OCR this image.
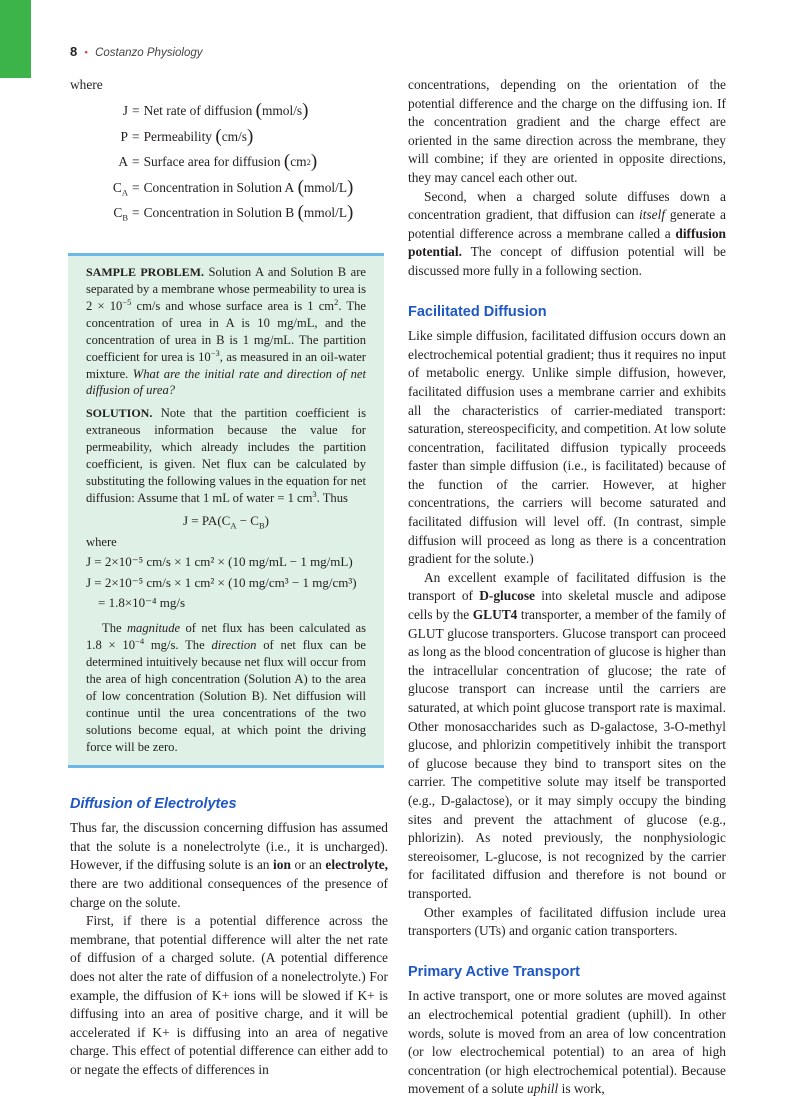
8 • Costanzo Physiology

where

J = Net rate of diffusion
( mmol/s )
P = Permeability
( cm/s )
A = Surface area for diffusion
( cm 2 )
$C_A$ = Concentration in Solution A
( mmol/L )
$C_B$ = Concentration in Solution B
( mmol/L )

SAMPLE PROBLEM. Solution A and Solution B are separated by a membrane whose permeability to urea is $2 \times 10^{-5}$ cm/s and whose surface area is 1 $cm^2$. The concentration of urea in A is 10 mg/mL, and the concentration of urea in B is 1 mg/mL. The partition coefficient for urea is $10^{-3}$, as measured in an oil-water mixture. What are the initial rate and direction of net diffusion of urea?

SOLUTION. Note that the partition coefficient is extraneous information because the value for permeability, which already includes the partition coefficient, is given. Net flux can be calculated by substituting the following values in the equation for net diffusion: Assume that 1 mL of water = 1 $cm^3$. Thus

$J = PA(C_A - C_B)$

where

J = 2×10⁻⁵ cm/s × 1 cm² × (10 mg/mL − 1 mg/mL)
J = 2×10⁻⁵ cm/s × 1 cm² × (10 mg/cm³ − 1 mg/cm³)
= 1.8×10⁻⁴ mg/s

The magnitude of net flux has been calculated as $1.8 \times 10^{-4}$ mg/s. The direction of net flux can be determined intuitively because net flux will occur from the area of high concentration (Solution A) to the area of low concentration (Solution B). Net diffusion will continue until the urea concentrations of the two solutions become equal, at which point the driving force will be zero.

Diffusion of Electrolytes

Thus far, the discussion concerning diffusion has assumed that the solute is a nonelectrolyte (i.e., it is uncharged). However, if the diffusing solute is an ion or an electrolyte, there are two additional consequences of the presence of charge on the solute.

First, if there is a potential difference across the membrane, that potential difference will alter the net rate of diffusion of a charged solute. (A potential difference does not alter the rate of diffusion of a nonelectrolyte.) For example, the diffusion of K+ ions will be slowed if K+ is diffusing into an area of positive charge, and it will be accelerated if K+ is diffusing into an area of negative charge. This effect of potential difference can either add to or negate the effects of differences in

concentrations, depending on the orientation of the potential difference and the charge on the diffusing ion. If the concentration gradient and the charge effect are oriented in the same direction across the membrane, they will combine; if they are oriented in opposite directions, they may cancel each other out.

Second, when a charged solute diffuses down a concentration gradient, that diffusion can itself generate a potential difference across a membrane called a diffusion potential. The concept of diffusion potential will be discussed more fully in a following section.

Facilitated Diffusion

Like simple diffusion, facilitated diffusion occurs down an electrochemical potential gradient; thus it requires no input of metabolic energy. Unlike simple diffusion, however, facilitated diffusion uses a membrane carrier and exhibits all the characteristics of carrier-mediated transport: saturation, stereospecificity, and competition. At low solute concentration, facilitated diffusion typically proceeds faster than simple diffusion (i.e., is facilitated) because of the function of the carrier. However, at higher concentrations, the carriers will become saturated and facilitated diffusion will level off. (In contrast, simple diffusion will proceed as long as there is a concentration gradient for the solute.)

An excellent example of facilitated diffusion is the transport of D-glucose into skeletal muscle and adipose cells by the GLUT4 transporter, a member of the family of GLUT glucose transporters. Glucose transport can proceed as long as the blood concentration of glucose is higher than the intracellular concentration of glucose; the rate of glucose transport can increase until the carriers are saturated, at which point glucose transport rate is maximal. Other monosaccharides such as D-galactose, 3-O-methyl glucose, and phlorizin competitively inhibit the transport of glucose because they bind to transport sites on the carrier. The competitive solute may itself be transported (e.g., D-galactose), or it may simply occupy the binding sites and prevent the attachment of glucose (e.g., phlorizin). As noted previously, the nonphysiologic stereoisomer, L-glucose, is not recognized by the carrier for facilitated diffusion and therefore is not bound or transported.

Other examples of facilitated diffusion include urea transporters (UTs) and organic cation transporters.

Primary Active Transport

In active transport, one or more solutes are moved against an electrochemical potential gradient (uphill). In other words, solute is moved from an area of low concentration (or low electrochemical potential) to an area of high concentration (or high electrochemical potential). Because movement of a solute uphill is work,
